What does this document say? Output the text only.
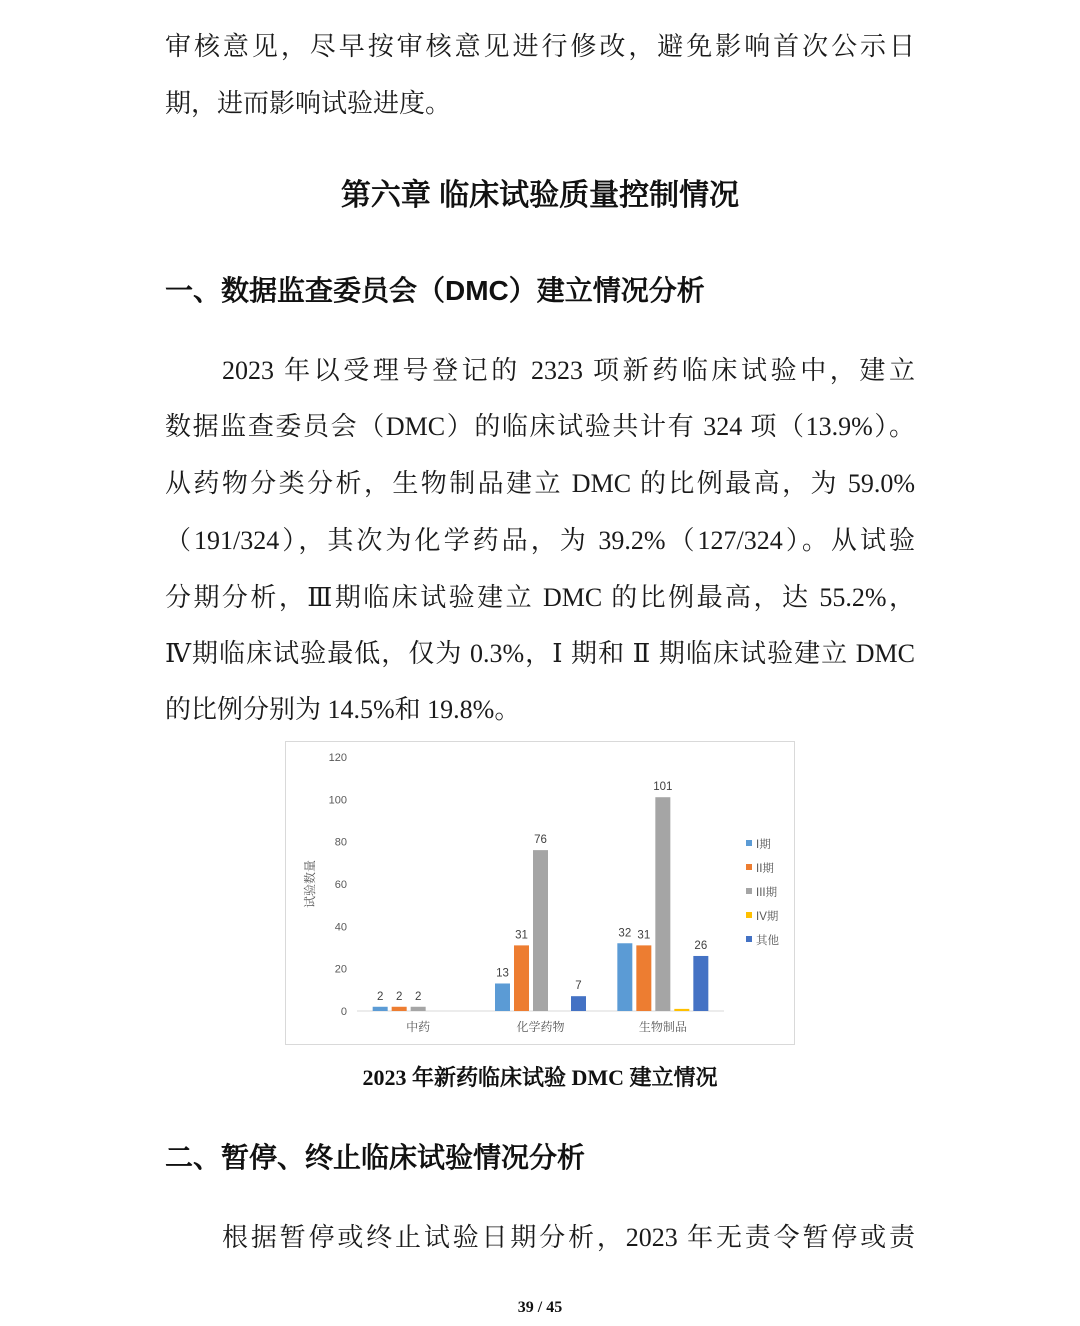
审核意见，尽早按审核意见进行修改，避免影响首次公示日
期，进而影响试验进度。
第六章 临床试验质量控制情况
一、数据监查委员会（DMC）建立情况分析
2023 年以受理号登记的 2323 项新药临床试验中，建立
数据监查委员会（DMC）的临床试验共计有 324 项（13.9%）。
从药物分类分析，生物制品建立 DMC 的比例最高，为 59.0%
（191/324），其次为化学药品，为 39.2%（127/324）。从试验
分期分析，Ⅲ期临床试验建立 DMC 的比例最高，达 55.2%，
Ⅳ期临床试验最低，仅为 0.3%，Ⅰ 期和 Ⅱ 期临床试验建立 DMC
的比例分别为 14.5%和 19.8%。
0
20
40
60
80
100
120
试验数量
中药
2 2 2
化学药物
13
31
76
7
生物制品
32 31
101
26
I期
II期
III期
IV期
其他
2023 年新药临床试验 DMC 建立情况
二、暂停、终止临床试验情况分析
根据暂停或终止试验日期分析，2023 年无责令暂停或责
39 / 45
